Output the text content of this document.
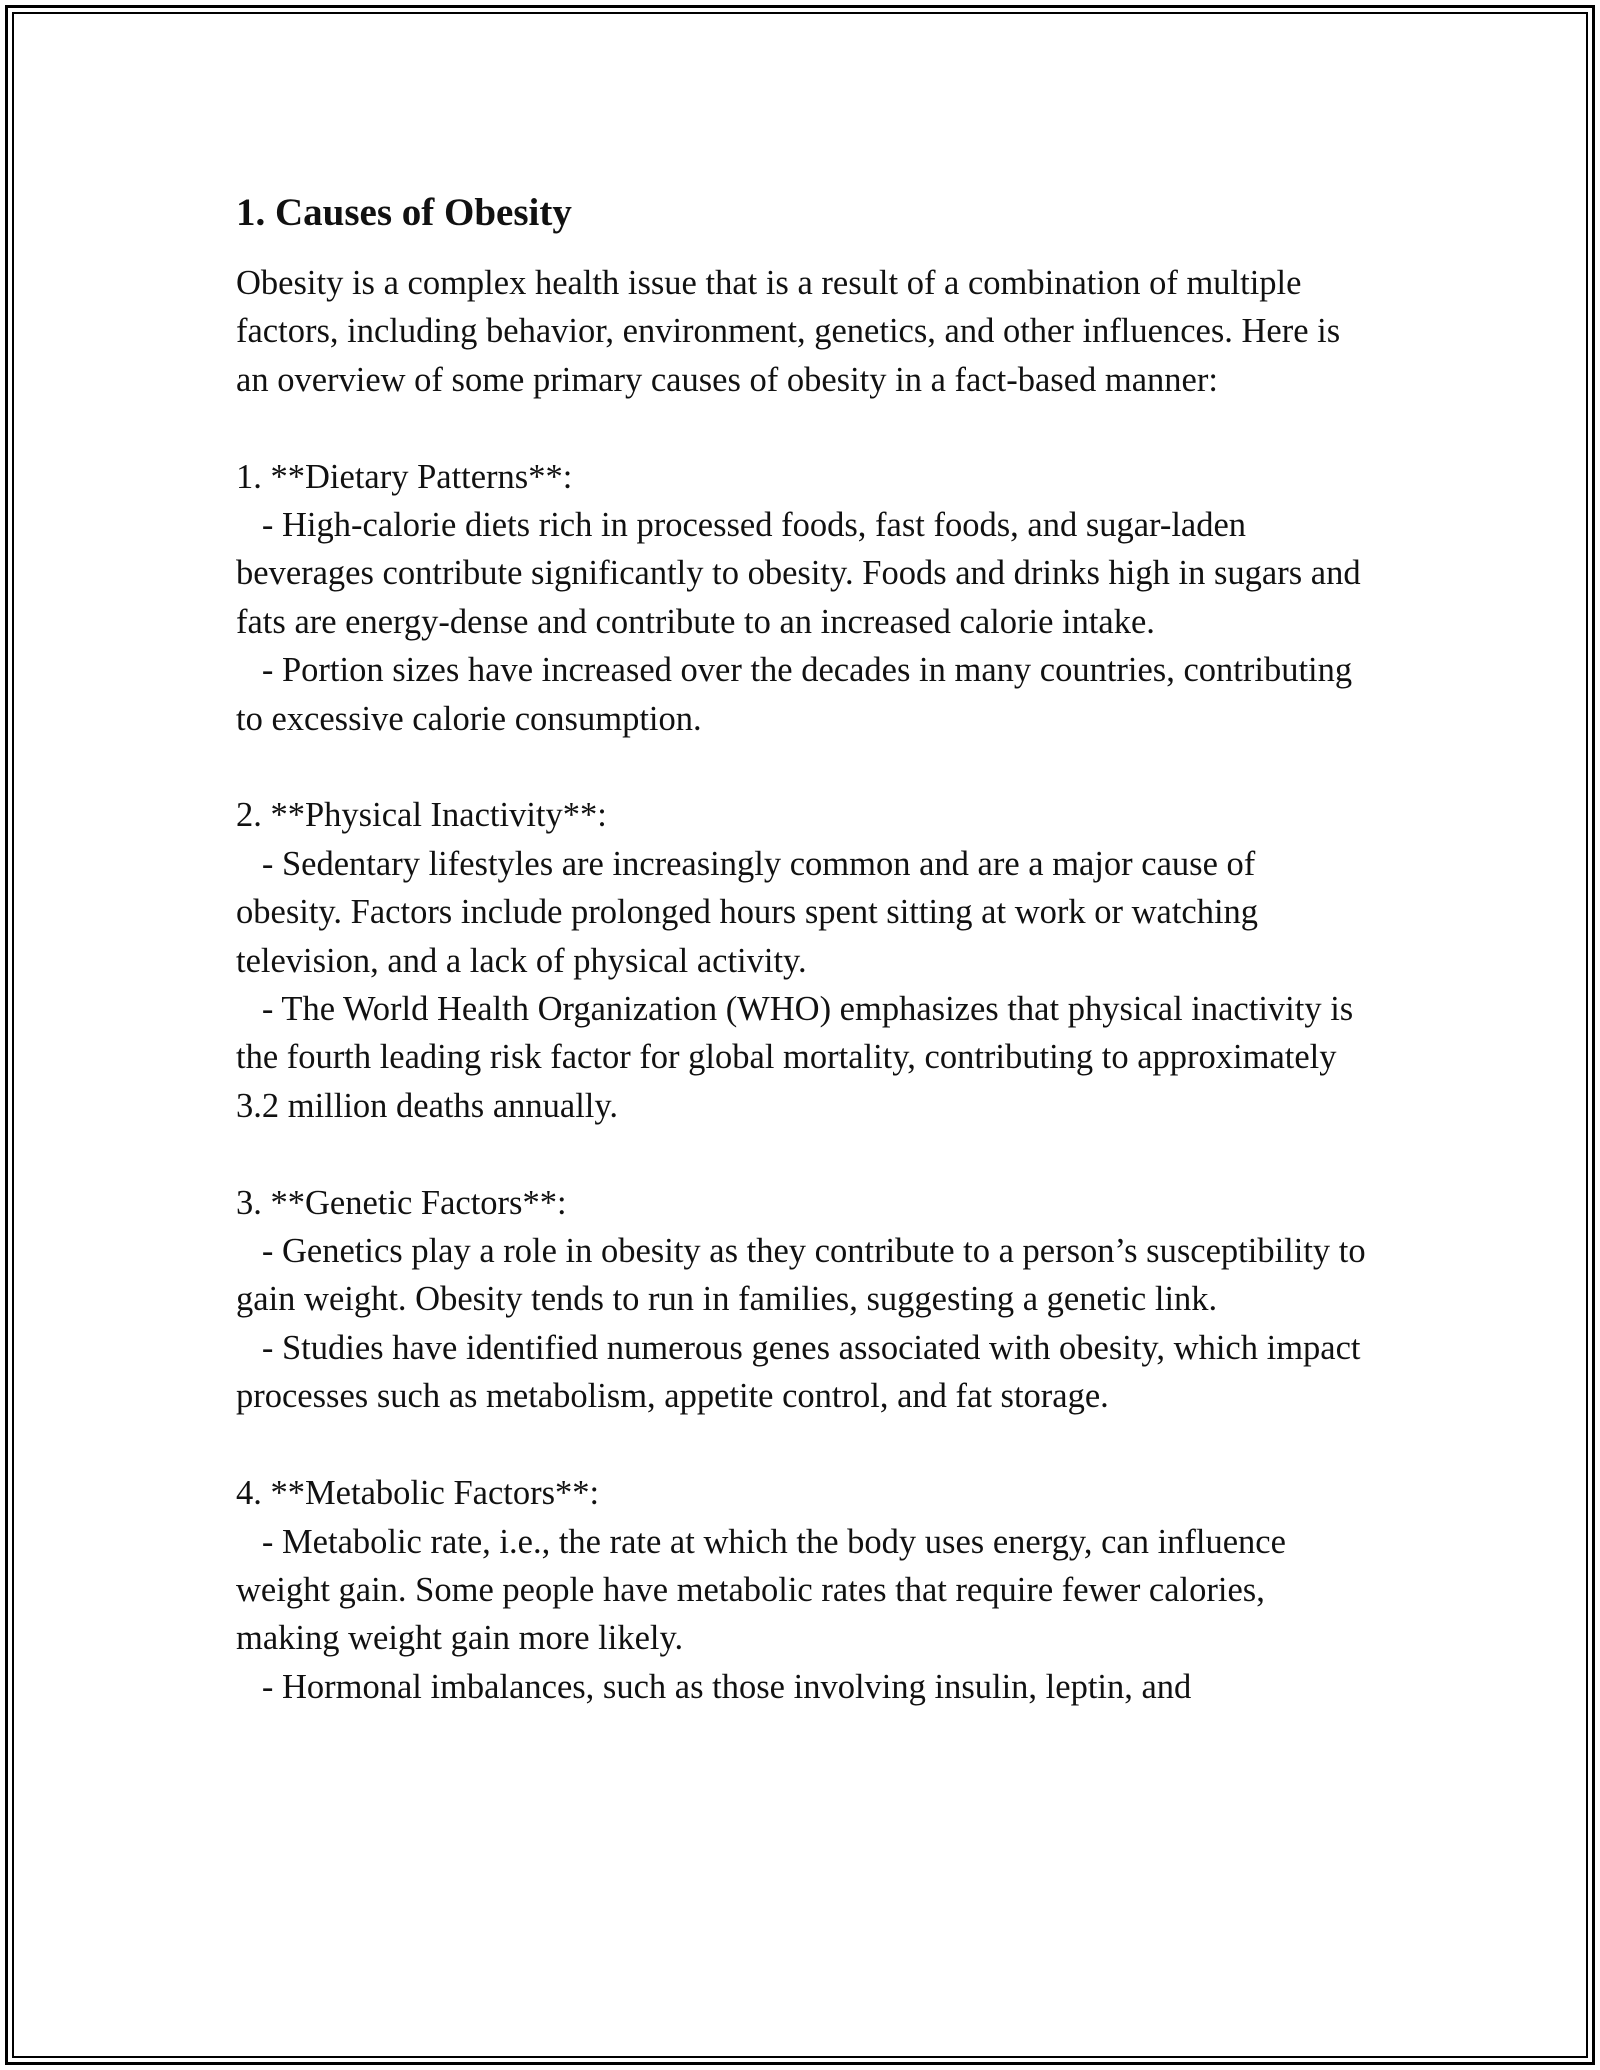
1. Causes of Obesity

Obesity is a complex health issue that is a result of a combination of multiple factors, including behavior, environment, genetics, and other influences. Here is an overview of some primary causes of obesity in a fact-based manner:

1. **Dietary Patterns**:

- High-calorie diets rich in processed foods, fast foods, and sugar-laden beverages contribute significantly to obesity. Foods and drinks high in sugars and fats are energy-dense and contribute to an increased calorie intake.

- Portion sizes have increased over the decades in many countries, contributing to excessive calorie consumption.

2. **Physical Inactivity**:

- Sedentary lifestyles are increasingly common and are a major cause of obesity. Factors include prolonged hours spent sitting at work or watching television, and a lack of physical activity.

- The World Health Organization (WHO) emphasizes that physical inactivity is the fourth leading risk factor for global mortality, contributing to approximately 3.2 million deaths annually.

3. **Genetic Factors**:

- Genetics play a role in obesity as they contribute to a person’s susceptibility to gain weight. Obesity tends to run in families, suggesting a genetic link.

- Studies have identified numerous genes associated with obesity, which impact processes such as metabolism, appetite control, and fat storage.

4. **Metabolic Factors**:

- Metabolic rate, i.e., the rate at which the body uses energy, can influence weight gain. Some people have metabolic rates that require fewer calories, making weight gain more likely.

- Hormonal imbalances, such as those involving insulin, leptin, and
